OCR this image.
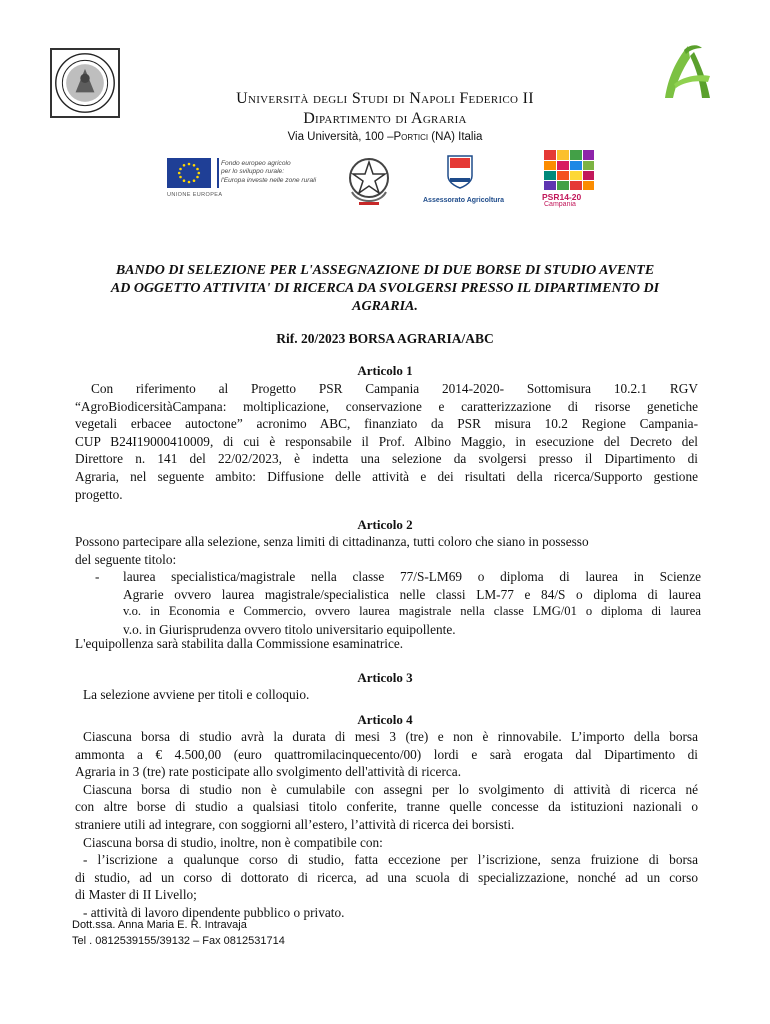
Università degli Studi di Napoli Federico II
Dipartimento di Agraria
Via Università, 100 –Portici (NA) Italia
UNIONE EUROPEA
Fondo europeo agricolo
per lo sviluppo rurale:
l'Europa investe nelle zone rurali
Assessorato Agricoltura	PSR14-20
Campania
BANDO DI SELEZIONE PER L'ASSEGNAZIONE DI DUE BORSE DI STUDIO AVENTE
AD OGGETTO ATTIVITA' DI RICERCA DA SVOLGERSI PRESSO IL DIPARTIMENTO DI
AGRARIA.
Rif. 20/2023 BORSA AGRARIA/ABC
Articolo 1
Con riferimento al Progetto PSR Campania 2014-2020- Sottomisura 10.2.1 RGV
“AgroBiodicersitàCampana: moltiplicazione, conservazione e caratterizzazione di risorse genetiche
vegetali erbacee autoctone” acronimo ABC, finanziato da PSR misura 10.2 Regione Campania-
CUP B24I19000410009, di cui è responsabile il Prof. Albino Maggio, in esecuzione del Decreto del
Direttore n. 141 del 22/02/2023, è indetta una selezione da svolgersi presso il Dipartimento di
Agraria, nel seguente ambito: Diffusione delle attività e dei risultati della ricerca/Supporto gestione
progetto.
Articolo 2
Possono partecipare alla selezione, senza limiti di cittadinanza, tutti coloro che siano in possesso
del seguente titolo:
- laurea specialistica/magistrale nella classe 77/S-LM69 o diploma di laurea in Scienze
Agrarie ovvero laurea magistrale/specialistica nelle classi LM-77 e 84/S o diploma di laurea
v.o. in Economia e Commercio, ovvero laurea magistrale nella classe LMG/01 o diploma di laurea
v.o. in Giurisprudenza ovvero titolo universitario equipollente.
L'equipollenza sarà stabilita dalla Commissione esaminatrice.
Articolo 3
La selezione avviene per titoli e colloquio.
Articolo 4
Ciascuna borsa di studio avrà la durata di mesi 3 (tre) e non è rinnovabile. L’importo della borsa
ammonta a € 4.500,00 (euro quattromilacinquecento/00) lordi e sarà erogata dal Dipartimento di
Agraria in 3 (tre) rate posticipate allo svolgimento dell'attività di ricerca.
Ciascuna borsa di studio non è cumulabile con assegni per lo svolgimento di attività di ricerca né
con altre borse di studio a qualsiasi titolo conferite, tranne quelle concesse da istituzioni nazionali o
straniere utili ad integrare, con soggiorni all’estero, l’attività di ricerca dei borsisti.
Ciascuna borsa di studio, inoltre, non è compatibile con:
- l’iscrizione a qualunque corso di studio, fatta eccezione per l’iscrizione, senza fruizione di borsa
di studio, ad un corso di dottorato di ricerca, ad una scuola di specializzazione, nonché ad un corso
di Master di II Livello;
- attività di lavoro dipendente pubblico o privato.
Dott.ssa. Anna Maria E. R. Intravaja
Tel . 0812539155/39132 – Fax 0812531714
